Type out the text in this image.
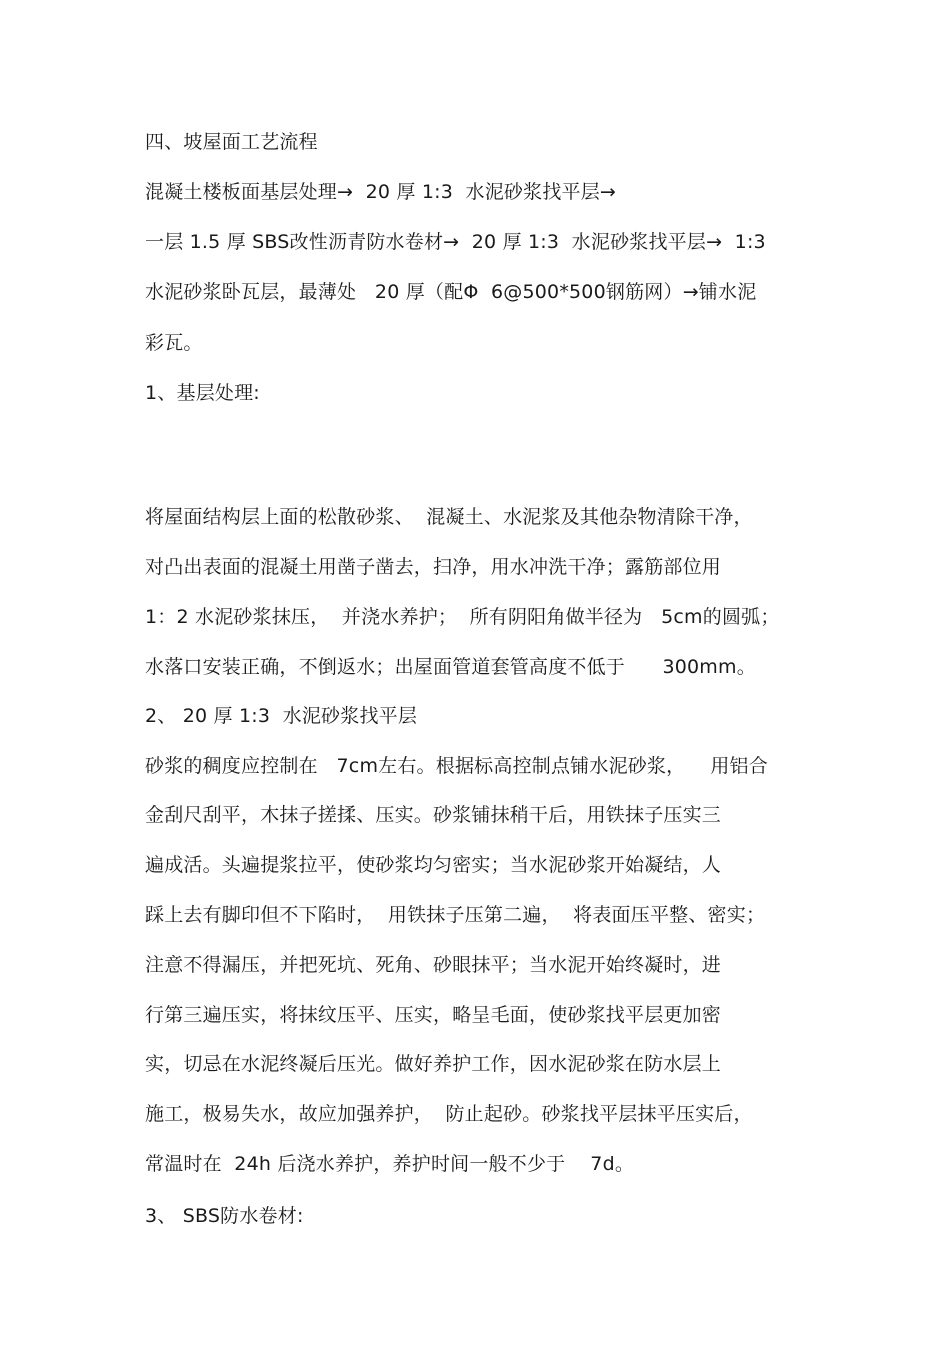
四、坡屋面工艺流程
混凝土楼板面基层处理→  20 厚 1:3  水泥砂浆找平层→
一层 1.5 厚 SBS改性沥青防水卷材→  20 厚 1:3  水泥砂浆找平层→  1:3
水泥砂浆卧瓦层，最薄处   20 厚（配Φ  6@500*500钢筋网）→铺水泥
彩瓦。
1、基层处理:
将屋面结构层上面的松散砂浆、  混凝土、水泥浆及其他杂物清除干净，
对凸出表面的混凝土用凿子凿去，扫净，用水冲洗干净；露筋部位用
1：2 水泥砂浆抹压，  并浇水养护；  所有阴阳角做半径为   5cm的圆弧；
水落口安装正确，不倒返水；出屋面管道套管高度不低于      300mm。
2、 20 厚 1:3  水泥砂浆找平层
砂浆的稠度应控制在   7cm左右。根据标高控制点铺水泥砂浆，    用铝合
金刮尺刮平，木抹子搓揉、压实。砂浆铺抹稍干后，用铁抹子压实三
遍成活。头遍提浆拉平，使砂浆均匀密实；当水泥砂浆开始凝结，人
踩上去有脚印但不下陷时，  用铁抹子压第二遍，  将表面压平整、密实；
注意不得漏压，并把死坑、死角、砂眼抹平；当水泥开始终凝时，进
行第三遍压实，将抹纹压平、压实，略呈毛面，使砂浆找平层更加密
实，切忌在水泥终凝后压光。做好养护工作，因水泥砂浆在防水层上
施工，极易失水，故应加强养护，  防止起砂。砂浆找平层抹平压实后，
常温时在  24h 后浇水养护，养护时间一般不少于    7d。
3、 SBS防水卷材:
